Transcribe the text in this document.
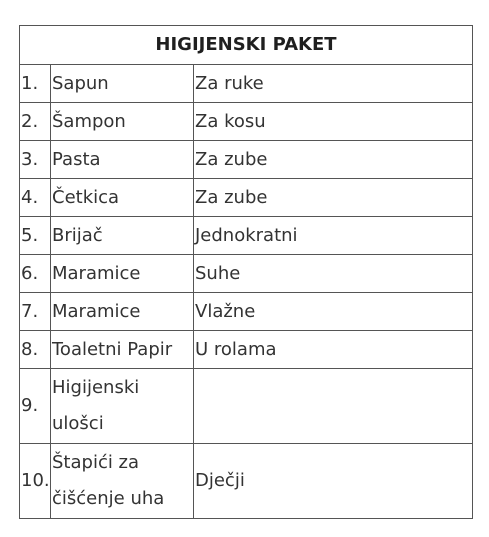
HIGIJENSKI PAKET		
1.	Sapun	Za ruke
2.	Šampon	Za kosu
3.	Pasta	Za zube
4.	Četkica	Za zube
5.	Brijač	Jednokratni
6.	Maramice	Suhe
7.	Maramice	Vlažne
8.	Toaletni Papir	U rolama
9.	Higijenski ulošci	
10.	Štapići za čišćenje uha	Dječji
